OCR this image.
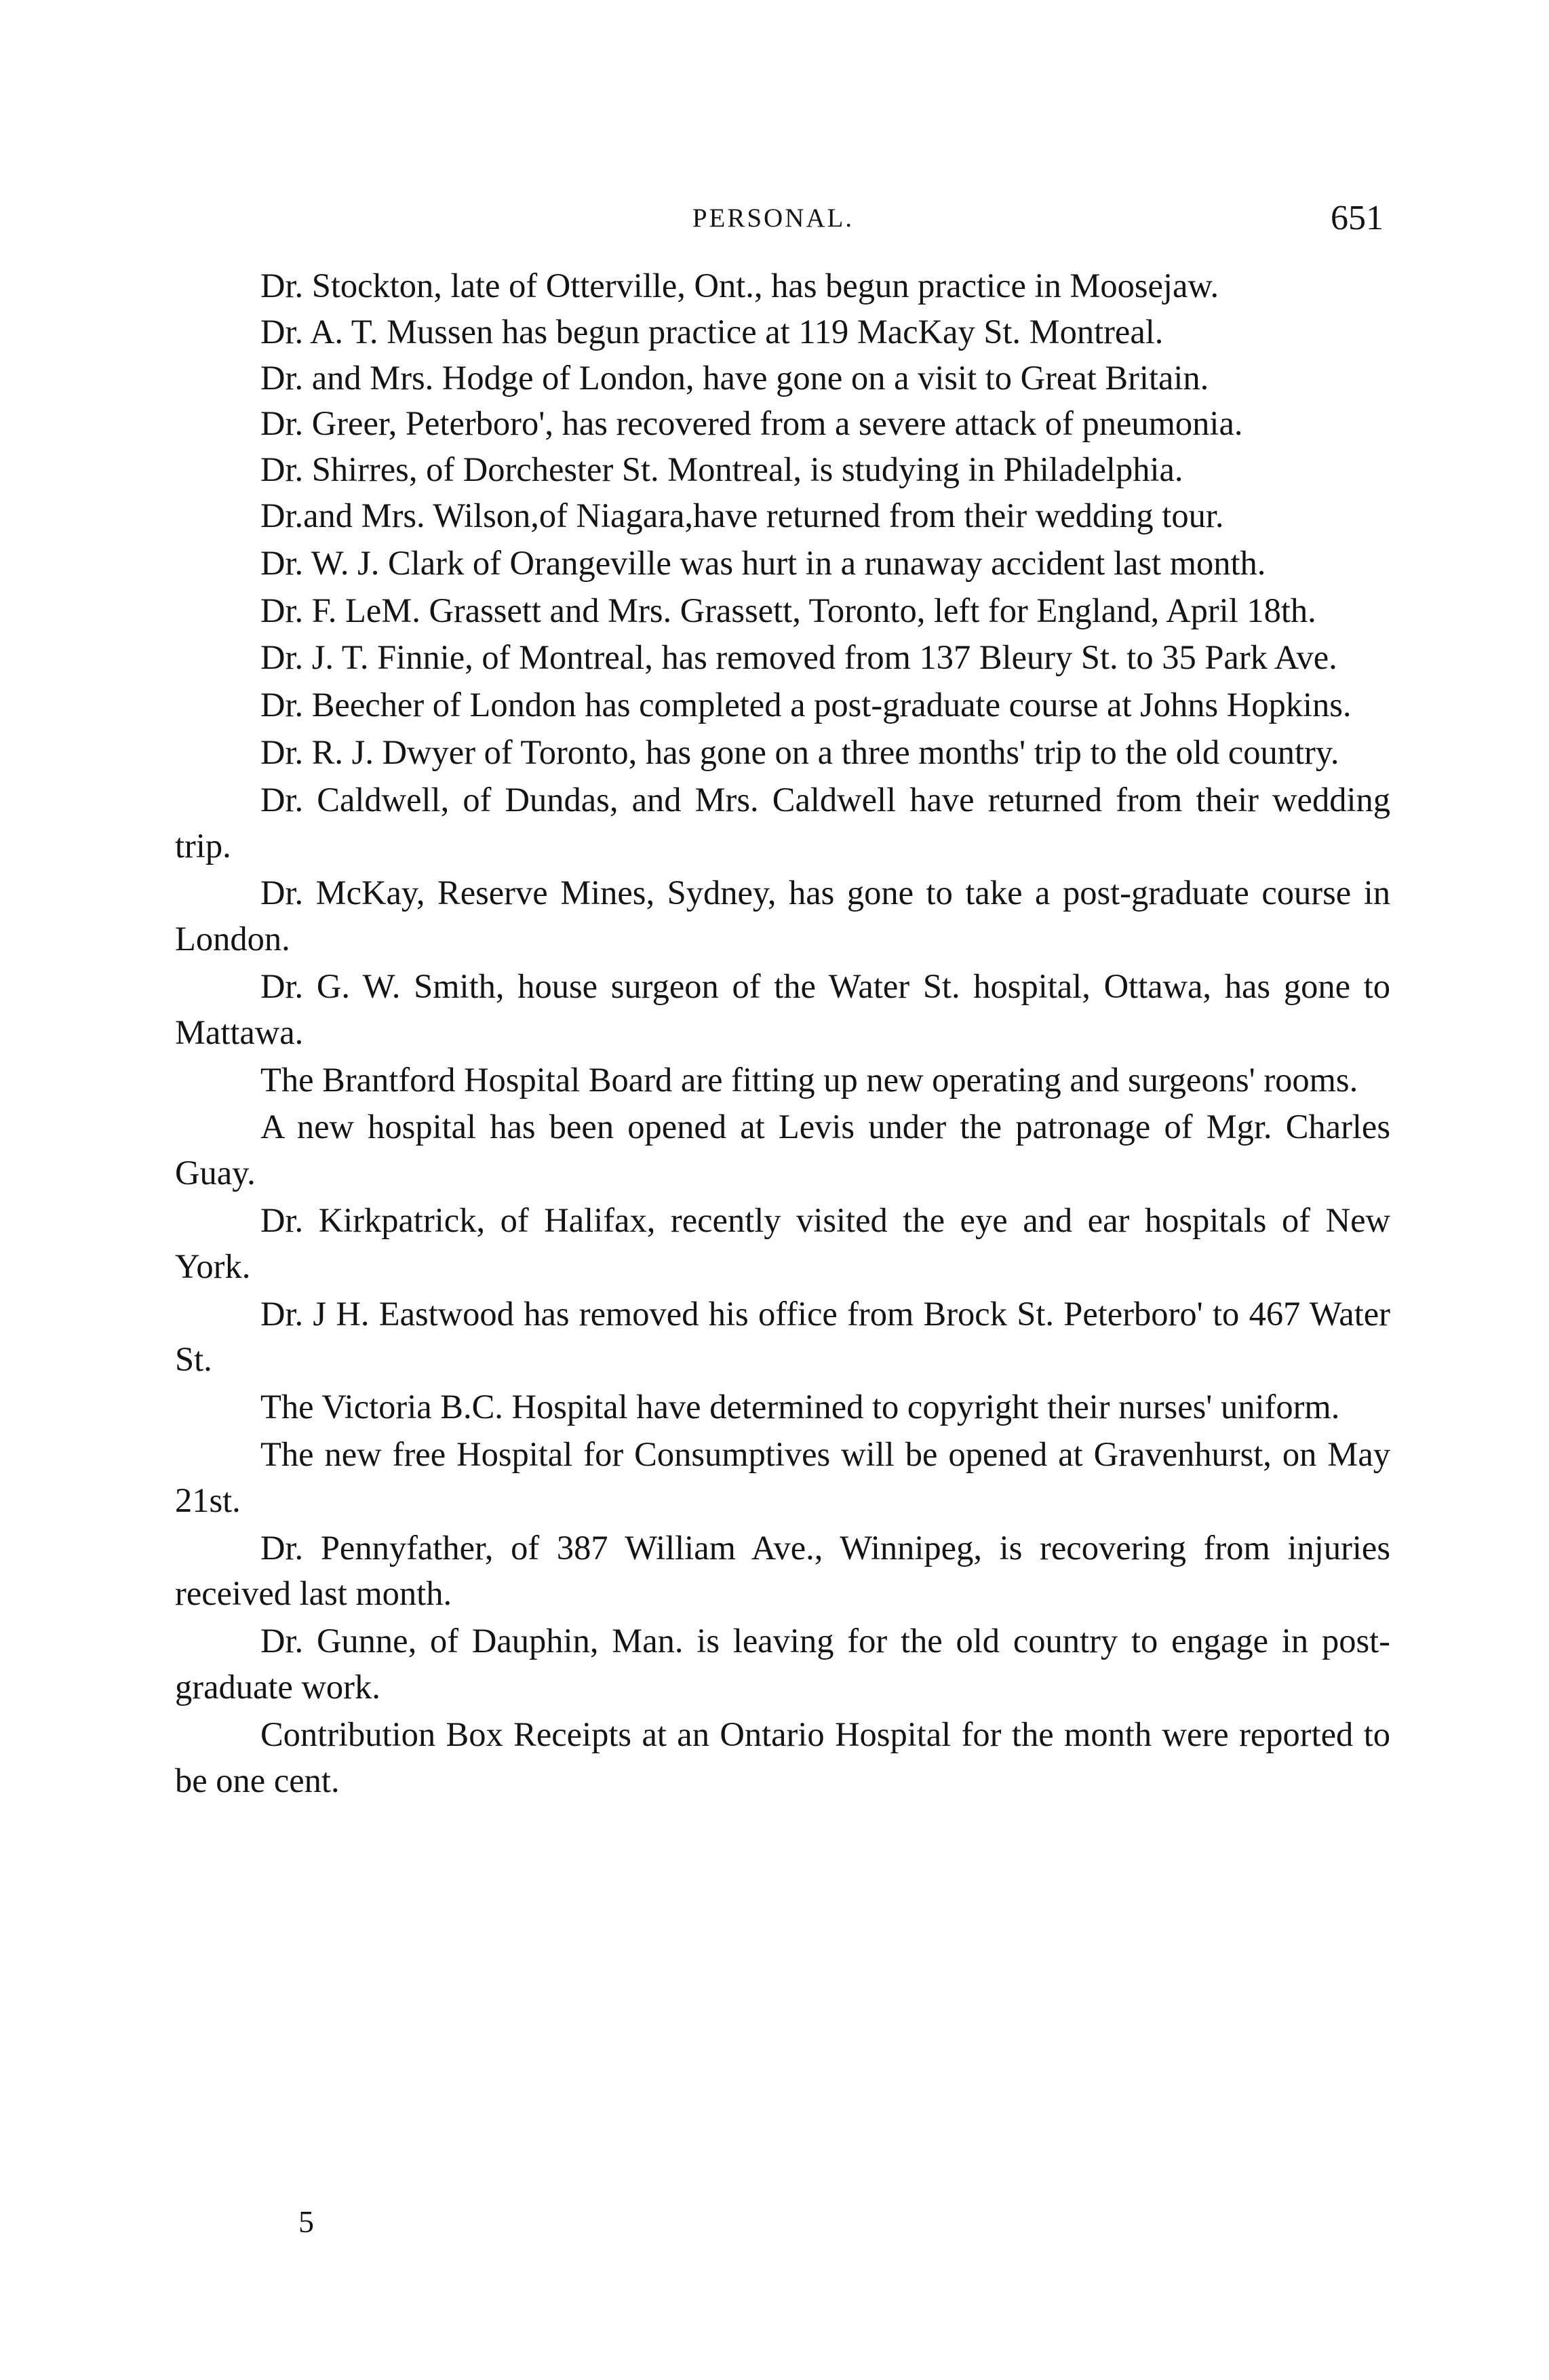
PERSONAL.	651

Dr. Stockton, late of Otterville, Ont., has begun practice in Moosejaw.

Dr. A. T. Mussen has begun practice at 119 MacKay St. Montreal.

Dr. and Mrs. Hodge of London, have gone on a visit to Great Britain.

Dr. Greer, Peterboro', has recovered from a severe attack of pneumonia.

Dr. Shirres, of Dorchester St. Montreal, is studying in Philadelphia.

Dr.and Mrs. Wilson,of Niagara,have returned from their wedding tour.

Dr. W. J. Clark of Orangeville was hurt in a runaway accident last month.

Dr. F. LeM. Grassett and Mrs. Grassett, Toronto, left for England, April 18th.

Dr. J. T. Finnie, of Montreal, has removed from 137 Bleury St. to 35 Park Ave.

Dr. Beecher of London has completed a post-graduate course at Johns Hopkins.

Dr. R. J. Dwyer of Toronto, has gone on a three months' trip to the old country.

Dr. Caldwell, of Dundas, and Mrs. Caldwell have returned from their wedding trip.

Dr. McKay, Reserve Mines, Sydney, has gone to take a post-graduate course in London.

Dr. G. W. Smith, house surgeon of the Water St. hospital, Ottawa, has gone to Mattawa.

The Brantford Hospital Board are fitting up new operating and surgeons' rooms.

A new hospital has been opened at Levis under the patronage of Mgr. Charles Guay.

Dr. Kirkpatrick, of Halifax, recently visited the eye and ear hospitals of New York.

Dr. J H. Eastwood has removed his office from Brock St. Peterboro' to 467 Water St.

The Victoria B.C. Hospital have determined to copyright their nurses' uniform.

The new free Hospital for Consumptives will be opened at Gravenhurst, on May 21st.

Dr. Pennyfather, of 387 William Ave., Winnipeg, is recovering from injuries received last month.

Dr. Gunne, of Dauphin, Man. is leaving for the old country to engage in post-graduate work.

Contribution Box Receipts at an Ontario Hospital for the month were reported to be one cent.

5
